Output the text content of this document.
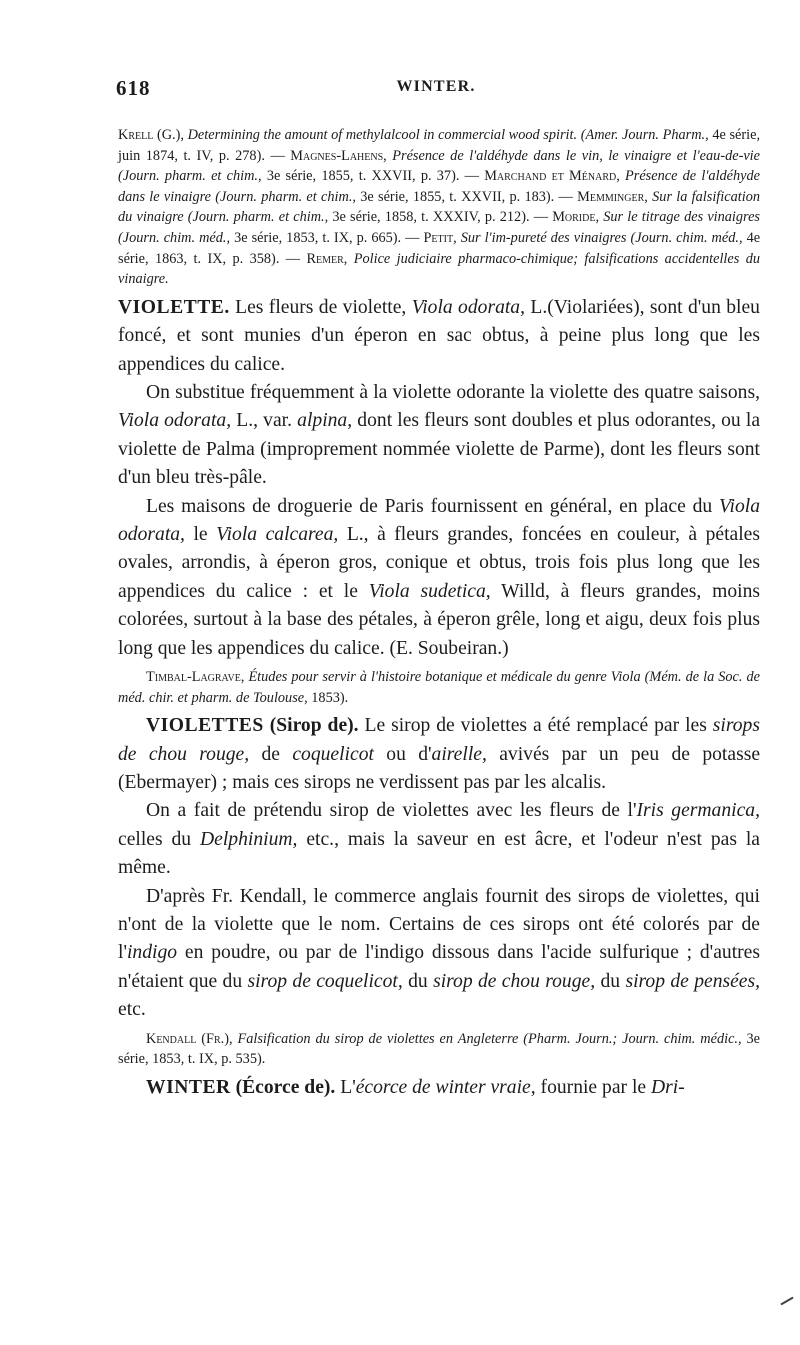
618	WINTER.

Krell (G.), Determining the amount of methylalcool in commercial wood spirit. (Amer. Journ. Pharm., 4e série, juin 1874, t. IV, p. 278). — Magnes-Lahens, Présence de l'aldéhyde dans le vin, le vinaigre et l'eau-de-vie (Journ. pharm. et chim., 3e série, 1855, t. XXVII, p. 37). — Marchand et Ménard, Présence de l'aldéhyde dans le vinaigre (Journ. pharm. et chim., 3e série, 1855, t. XXVII, p. 183). — Memminger, Sur la falsification du vinaigre (Journ. pharm. et chim., 3e série, 1858, t. XXXIV, p. 212). — Moride, Sur le titrage des vinaigres (Journ. chim. méd., 3e série, 1853, t. IX, p. 665). — Petit, Sur l'im-pureté des vinaigres (Journ. chim. méd., 4e série, 1863, t. IX, p. 358). — Remer, Police judiciaire pharmaco-chimique; falsifications accidentelles du vinaigre.

VIOLETTE. Les fleurs de violette, Viola odorata, L.(Violariées), sont d'un bleu foncé, et sont munies d'un éperon en sac obtus, à peine plus long que les appendices du calice.

On substitue fréquemment à la violette odorante la violette des quatre saisons, Viola odorata, L., var. alpina, dont les fleurs sont doubles et plus odorantes, ou la violette de Palma (improprement nommée violette de Parme), dont les fleurs sont d'un bleu très-pâle.

Les maisons de droguerie de Paris fournissent en général, en place du Viola odorata, le Viola calcarea, L., à fleurs grandes, foncées en couleur, à pétales ovales, arrondis, à éperon gros, conique et obtus, trois fois plus long que les appendices du calice : et le Viola sudetica, Willd, à fleurs grandes, moins colorées, surtout à la base des pétales, à éperon grêle, long et aigu, deux fois plus long que les appendices du calice. (E. Soubeiran.)

Timbal-Lagrave, Études pour servir à l'histoire botanique et médicale du genre Viola (Mém. de la Soc. de méd. chir. et pharm. de Toulouse, 1853).

VIOLETTES (Sirop de). Le sirop de violettes a été remplacé par les sirops de chou rouge, de coquelicot ou d'airelle, avivés par un peu de potasse (Ebermayer) ; mais ces sirops ne verdissent pas par les alcalis.

On a fait de prétendu sirop de violettes avec les fleurs de l'Iris germanica, celles du Delphinium, etc., mais la saveur en est âcre, et l'odeur n'est pas la même.

D'après Fr. Kendall, le commerce anglais fournit des sirops de violettes, qui n'ont de la violette que le nom. Certains de ces sirops ont été colorés par de l'indigo en poudre, ou par de l'indigo dissous dans l'acide sulfurique ; d'autres n'étaient que du sirop de coquelicot, du sirop de chou rouge, du sirop de pensées, etc.

Kendall (Fr.), Falsification du sirop de violettes en Angleterre (Pharm. Journ.; Journ. chim. médic., 3e série, 1853, t. IX, p. 535).

WINTER (Écorce de). L'écorce de winter vraie, fournie par le Dri-
